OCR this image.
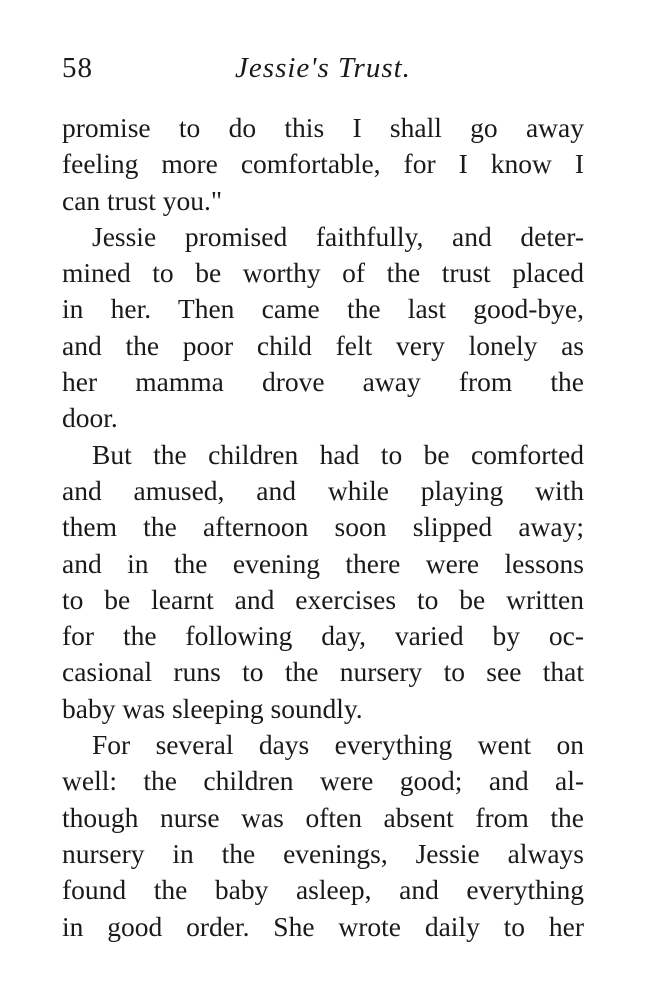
58	Jessie's Trust.
promise to do this I shall go away
feeling more comfortable, for I know I
can trust you."
Jessie promised faithfully, and deter-
mined to be worthy of the trust placed
in her. Then came the last good-bye,
and the poor child felt very lonely as
her mamma drove away from the
door.
But the children had to be comforted
and amused, and while playing with
them the afternoon soon slipped away;
and in the evening there were lessons
to be learnt and exercises to be written
for the following day, varied by oc-
casional runs to the nursery to see that
baby was sleeping soundly.
For several days everything went on
well: the children were good; and al-
though nurse was often absent from the
nursery in the evenings, Jessie always
found the baby asleep, and everything
in good order. She wrote daily to her
